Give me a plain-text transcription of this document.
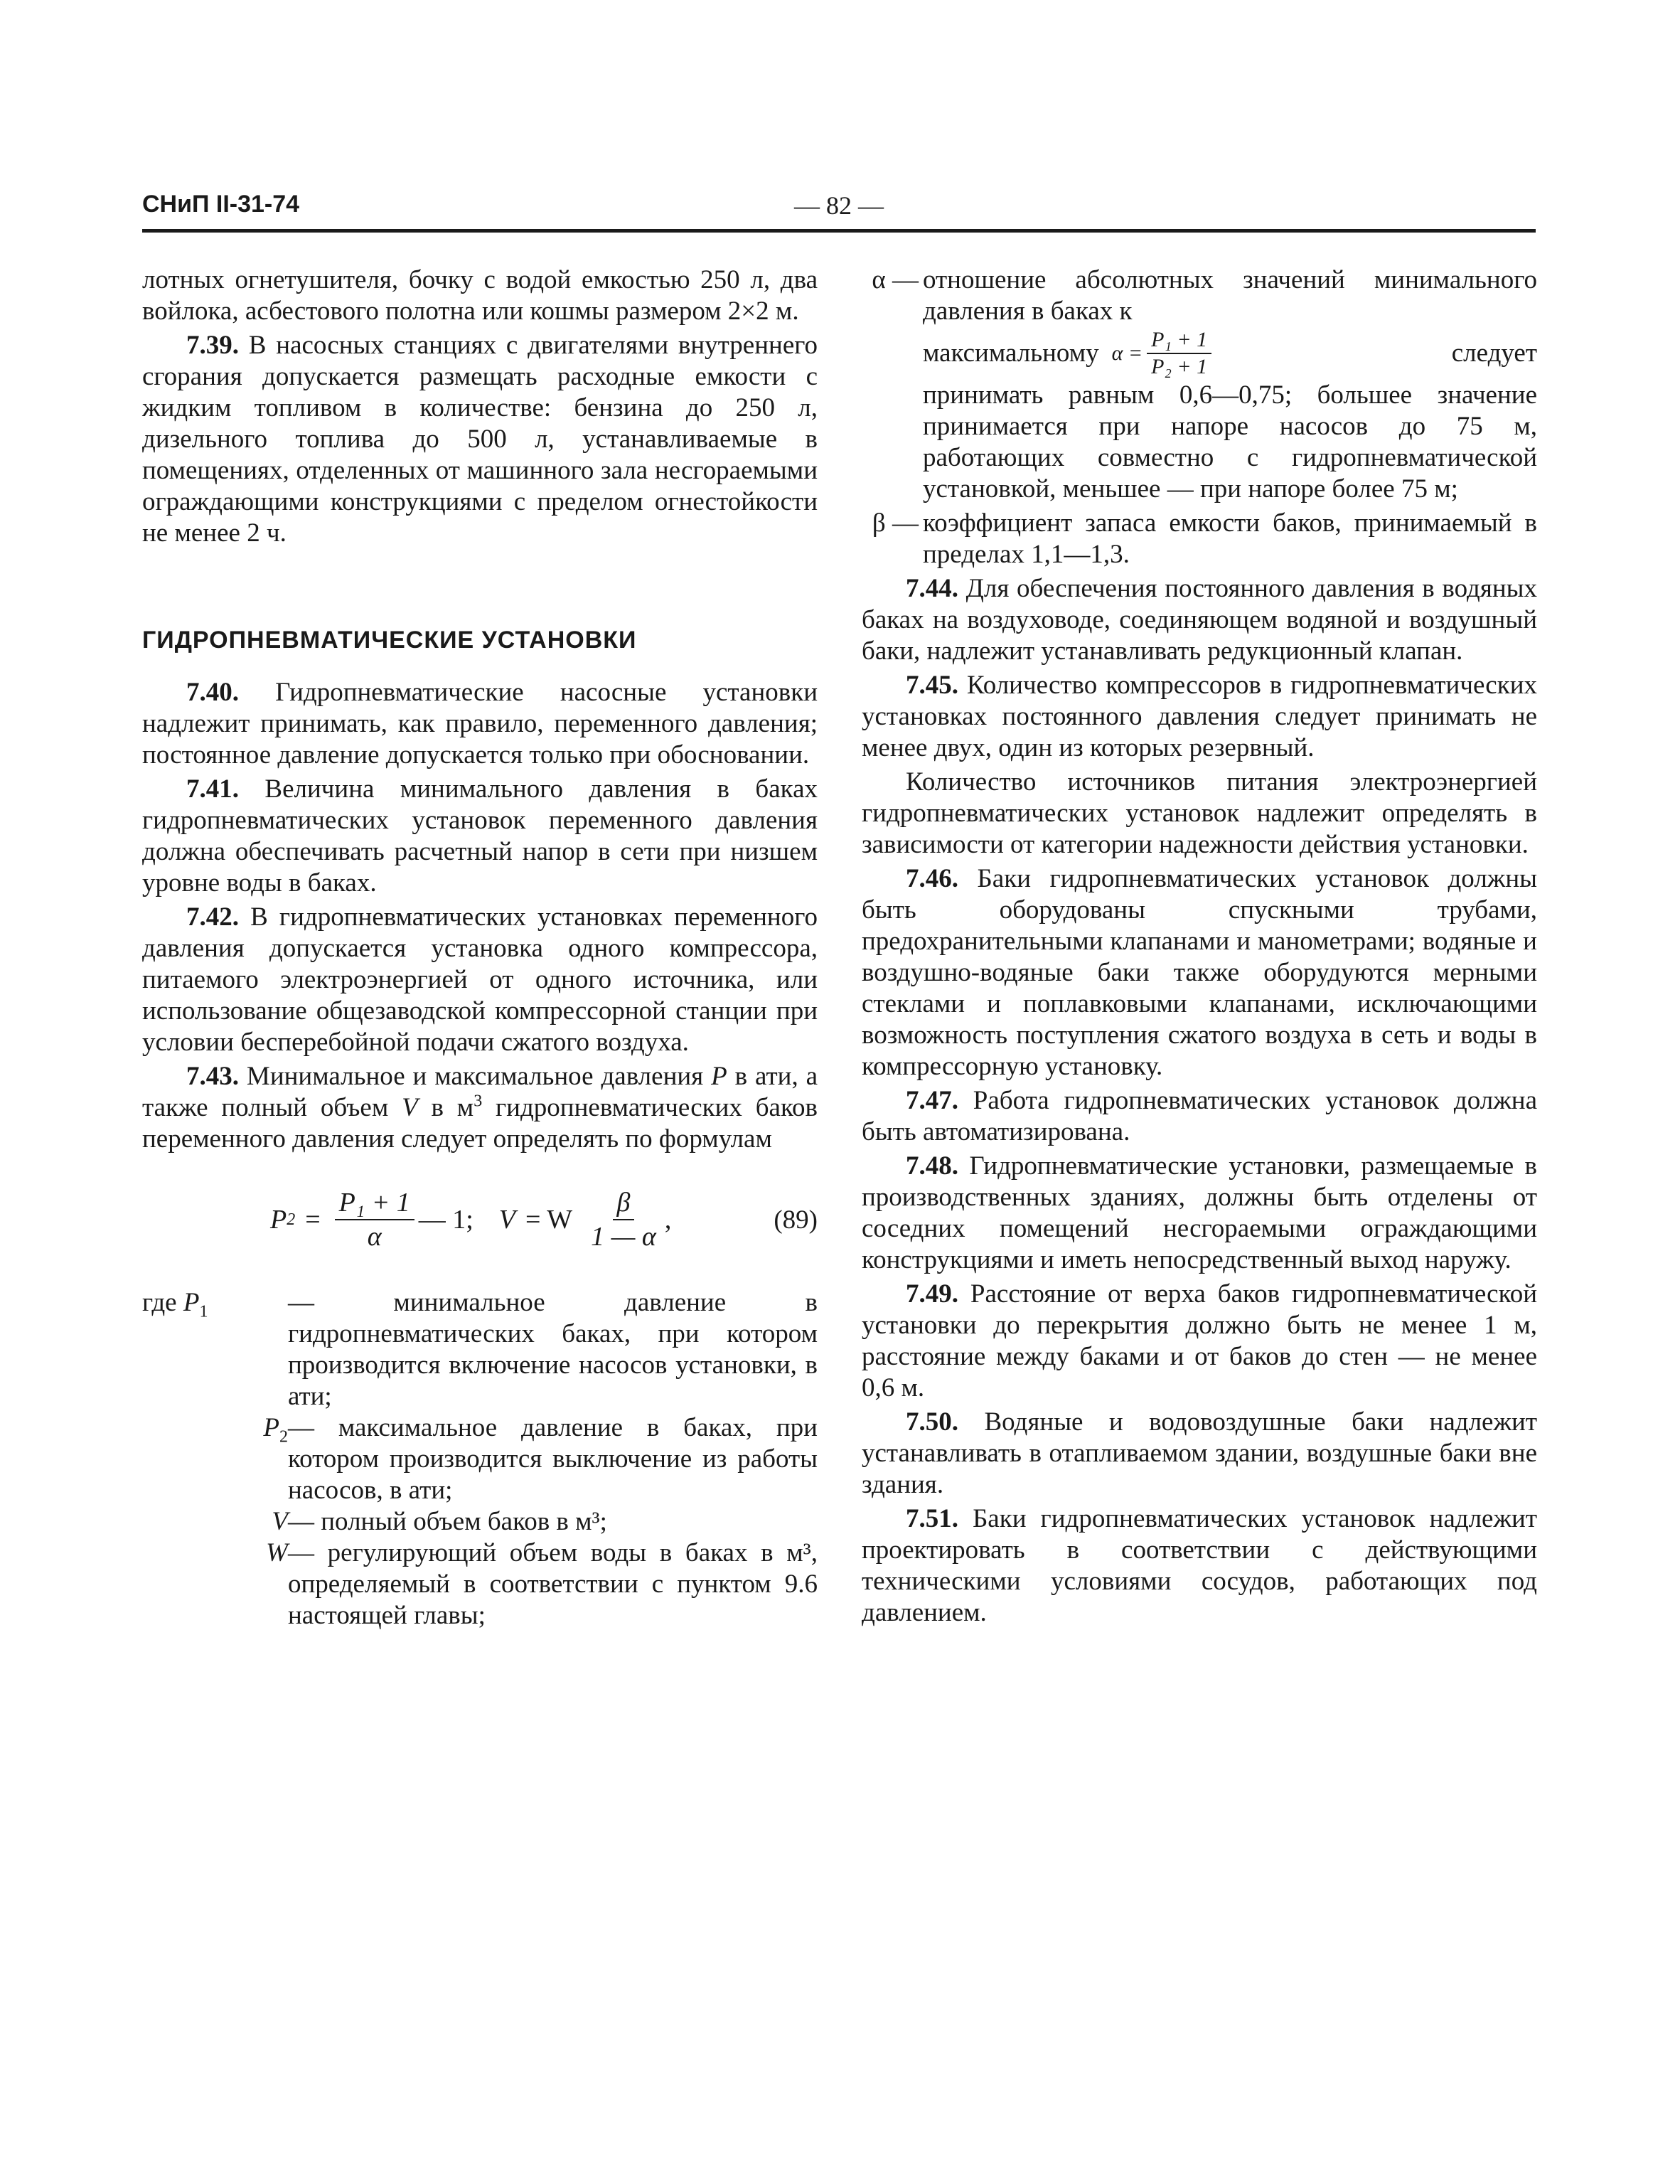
СНиП II-31-74	— 82 —

лотных огнетушителя, бочку с водой емкостью 250 л, два войлока, асбестового полотна или кошмы размером 2×2 м.

7.39. В насосных станциях с двигателями внутреннего сгорания допускается размещать расходные емкости с жидким топливом в количестве: бензина до 250 л, дизельного топлива до 500 л, устанавливаемые в помещениях, отделенных от машинного зала несгораемыми ограждающими конструкциями с пределом огнестойкости не менее 2 ч.

ГИДРОПНЕВМАТИЧЕСКИЕ УСТАНОВКИ

7.40. Гидропневматические насосные установки надлежит принимать, как правило, переменного давления; постоянное давление допускается только при обосновании.

7.41. Величина минимального давления в баках гидропневматических установок переменного давления должна обеспечивать расчетный напор в сети при низшем уровне воды в баках.

7.42. В гидропневматических установках переменного давления допускается установка одного компрессора, питаемого электроэнергией от одного источника, или использование общезаводской компрессорной станции при условии бесперебойной подачи сжатого воздуха.

7.43. Минимальное и максимальное давления P в ати, а также полный объем V в $м^3$ гидропневматических баков переменного давления следует определять по формулам

P $2 = \frac{\text{P₁ + 1}}{\alpha}$ — 1; V = W $\frac{\beta}{1 — \alpha}$ ,	(89)
где $P_1$	— минимальное давление в гидропневматических баках, при котором производится включение насосов установки, в ати;
$P_2$ — максимальное давление в баках, при котором производится выключение из работы насосов, в ати;
V — полный объем баков в м³;
W — регулирующий объем воды в баках в м³, определяемый в соответствии с пунктом 9.6 настоящей главы;
α — отношение абсолютных значений минимального давления в баках к
максимальному $\alpha = \frac{\text{P₁ + 1}}{\text{P₂ + 1}}$	следует
принимать равным 0,6—0,75; большее значение принимается при напоре насосов до 75 м, работающих совместно с гидропневматической установкой, меньшее — при напоре более 75 м;
β — коэффициент запаса емкости баков, принимаемый в пределах 1,1—1,3.

7.44. Для обеспечения постоянного давления в водяных баках на воздуховоде, соединяющем водяной и воздушный баки, надлежит устанавливать редукционный клапан.

7.45. Количество компрессоров в гидропневматических установках постоянного давления следует принимать не менее двух, один из которых резервный.

Количество источников питания электроэнергией гидропневматических установок надлежит определять в зависимости от категории надежности действия установки.

7.46. Баки гидропневматических установок должны быть оборудованы спускными трубами, предохранительными клапанами и манометрами; водяные и воздушно-водяные баки также оборудуются мерными стеклами и поплавковыми клапанами, исключающими возможность поступления сжатого воздуха в сеть и воды в компрессорную установку.

7.47. Работа гидропневматических установок должна быть автоматизирована.

7.48. Гидропневматические установки, размещаемые в производственных зданиях, должны быть отделены от соседних помещений несгораемыми ограждающими конструкциями и иметь непосредственный выход наружу.

7.49. Расстояние от верха баков гидропневматической установки до перекрытия должно быть не менее 1 м, расстояние между баками и от баков до стен — не менее 0,6 м.

7.50. Водяные и водовоздушные баки надлежит устанавливать в отапливаемом здании, воздушные баки вне здания.

7.51. Баки гидропневматических установок надлежит проектировать в соответствии с действующими техническими условиями сосудов, работающих под давлением.
